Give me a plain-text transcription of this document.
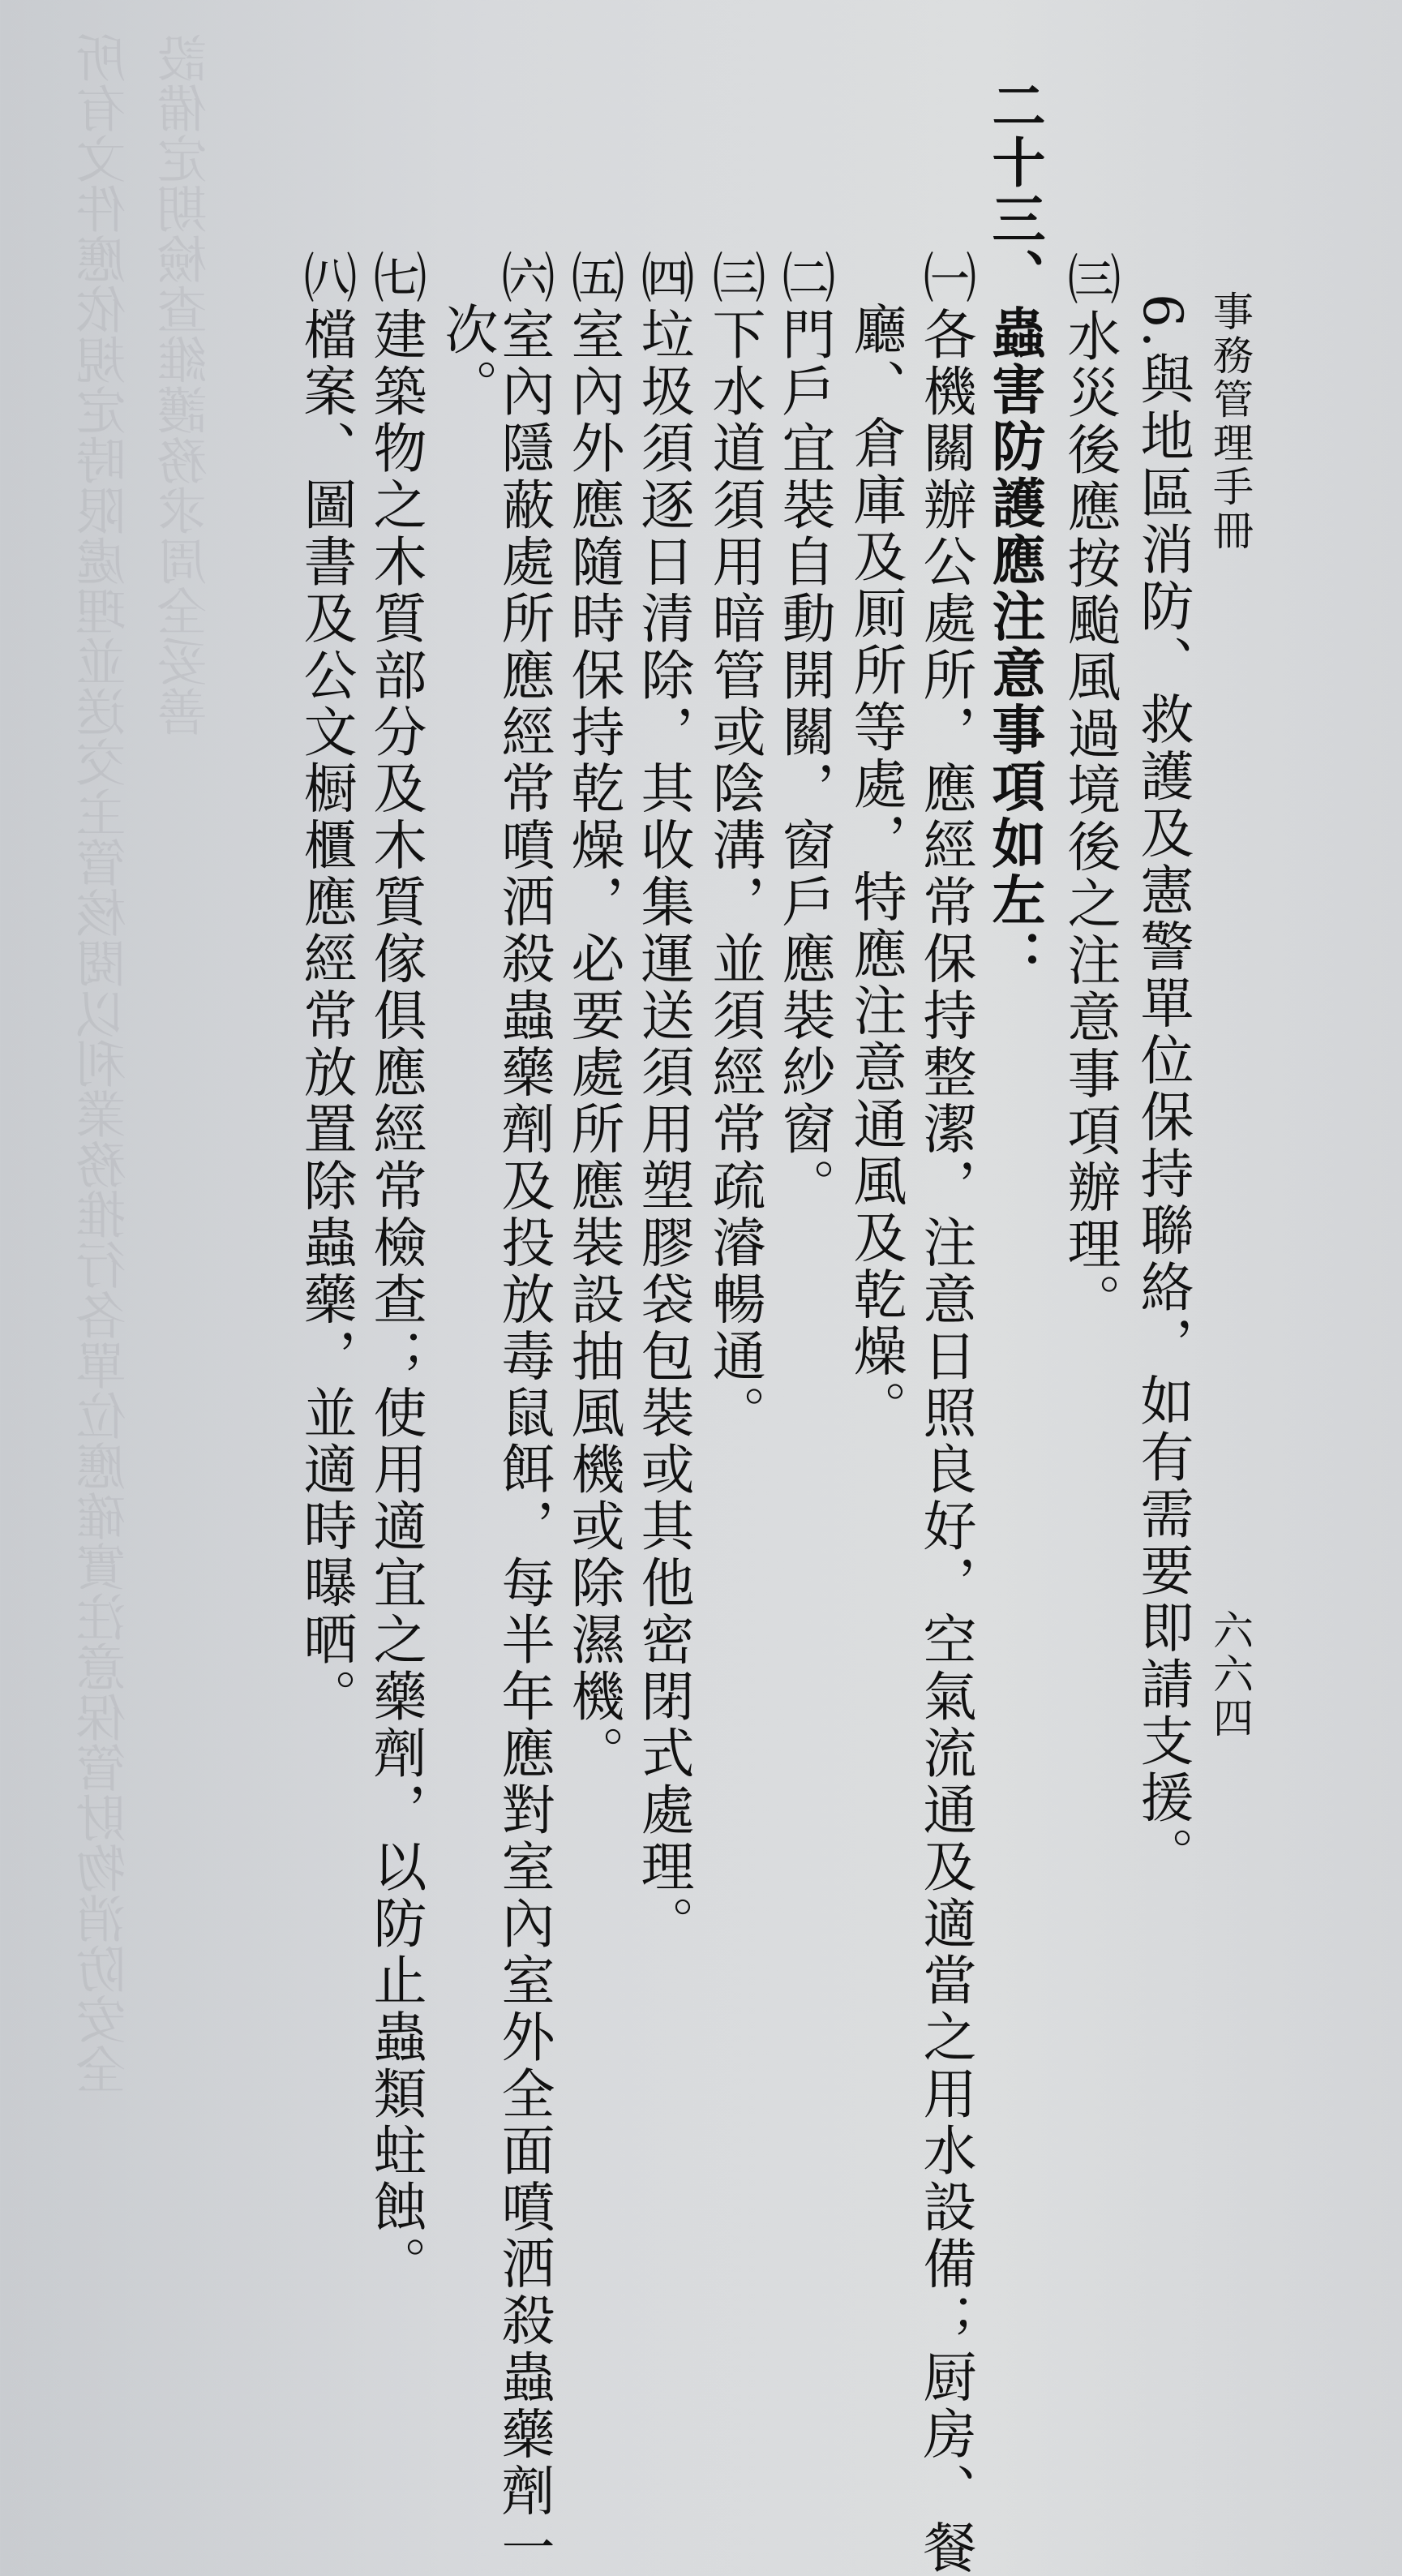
所有文件應依規定時限處理並送交主管核閱以利業務推行各單位應確實注意保管財物消防安全設備定期檢查維護務求周全妥善	事務管理手冊
六六四
6.與地區消防、救護及憲警單位保持聯絡，如有需要即請支援。
㈢水災後應按颱風過境後之注意事項辦理。
二十三、蟲害防護應注意事項如左：
㈠各機關辦公處所，應經常保持整潔，注意日照良好，空氣流通及適當之用水設備；厨房、餐
廳、倉庫及厠所等處，特應注意通風及乾燥。
㈡門戶宜裝自動開關，窗戶應裝紗窗。
㈢下水道須用暗管或陰溝，並須經常疏濬暢通。
㈣垃圾須逐日清除，其收集運送須用塑膠袋包裝或其他密閉式處理。
㈤室內外應隨時保持乾燥，必要處所應裝設抽風機或除濕機。
㈥室內隱蔽處所應經常噴洒殺蟲藥劑及投放毒鼠餌，每半年應對室內室外全面噴洒殺蟲藥劑一
次。
㈦建築物之木質部分及木質傢俱應經常檢查；使用適宜之藥劑，以防止蟲類蛀蝕。
㈧檔案、圖書及公文橱櫃應經常放置除蟲藥，並適時曝晒。
